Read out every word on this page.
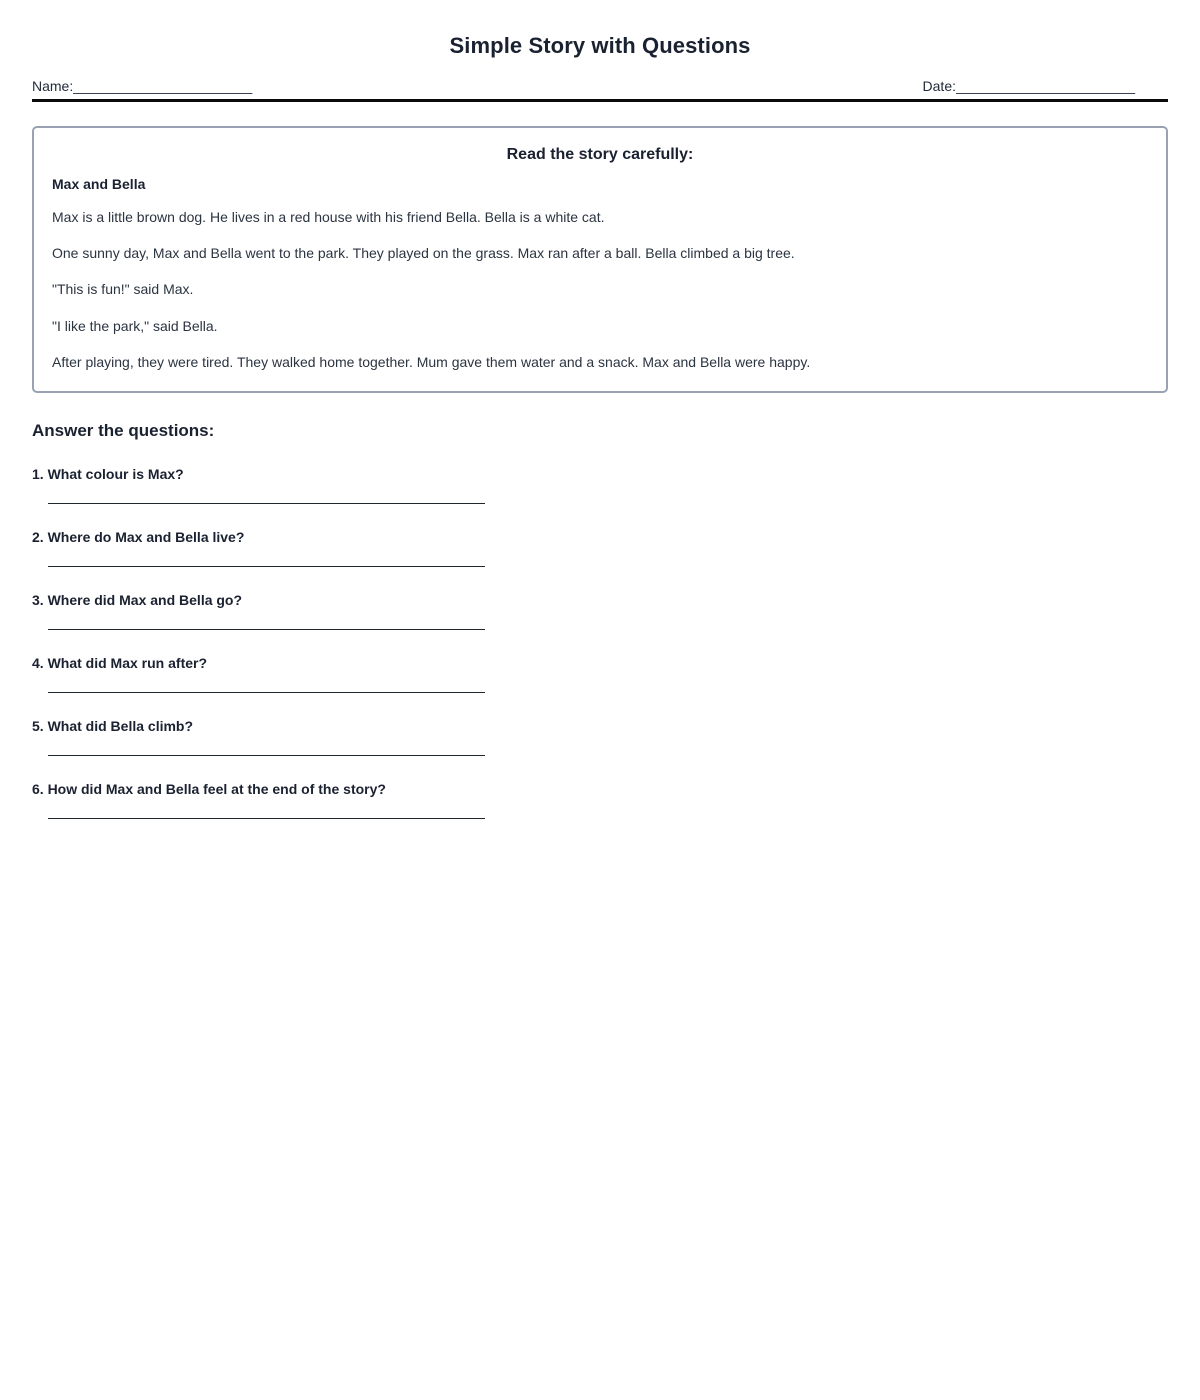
Simple Story with Questions
Name: _______________________	Date: _______________________
Read the story carefully:
Max and Bella

Max is a little brown dog. He lives in a red house with his friend Bella. Bella is a white cat.

One sunny day, Max and Bella went to the park. They played on the grass. Max ran after a ball. Bella climbed a big tree.

"This is fun!" said Max.

"I like the park," said Bella.

After playing, they were tired. They walked home together. Mum gave them water and a snack. Max and Bella were happy.

Answer the questions:

1. What colour is Max?

2. Where do Max and Bella live?

3. Where did Max and Bella go?

4. What did Max run after?

5. What did Bella climb?

6. How did Max and Bella feel at the end of the story?
